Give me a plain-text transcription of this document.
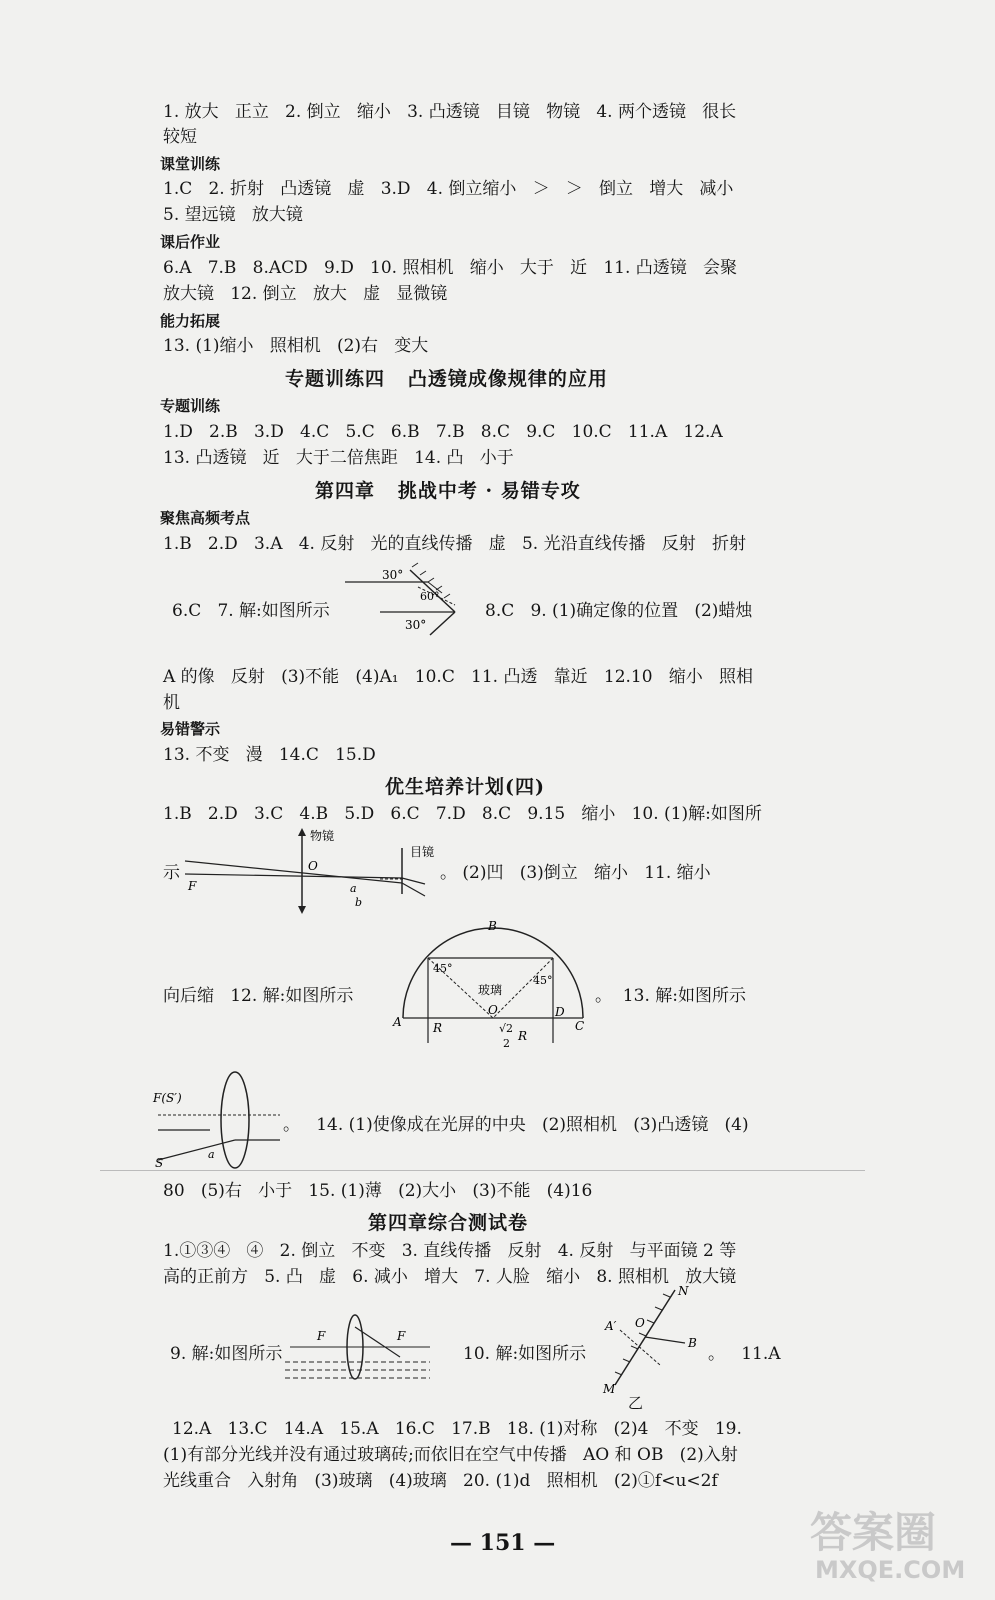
1. 放大   正立   2. 倒立   缩小   3. 凸透镜   目镜   物镜   4. 两个透镜   很长
较短
课堂训练
1.C   2. 折射   凸透镜   虚   3.D   4. 倒立缩小   ＞   ＞   倒立   增大   减小
5. 望远镜   放大镜
课后作业
6.A   7.B   8.ACD   9.D   10. 照相机   缩小   大于   近   11. 凸透镜   会聚
放大镜   12. 倒立   放大   虚   显微镜
能力拓展
13. (1)缩小   照相机   (2)右   变大
专题训练四   凸透镜成像规律的应用
专题训练
1.D   2.B   3.D   4.C   5.C   6.B   7.B   8.C   9.C   10.C   11.A   12.A
13. 凸透镜   近   大于二倍焦距   14. 凸   小于
第四章   挑战中考 · 易错专攻
聚焦高频考点
1.B   2.D   3.A   4. 反射   光的直线传播   虚   5. 光沿直线传播   反射   折射
6.C   7. 解:如图所示	8.C   9. (1)确定像的位置   (2)蜡烛
30°
60°
30°
A 的像   反射   (3)不能   (4)A₁   10.C   11. 凸透   靠近   12.10   缩小   照相
机
易错警示
13. 不变   漫   14.C   15.D
优生培养计划(四)
1.B   2.D   3.C   4.B   5.D   6.C   7.D   8.C   9.15   缩小   10. (1)解:如图所
示
物镜
目镜
O
F	a
b
。 (2)凹   (3)倒立   缩小   11. 缩小
向后缩   12. 解:如图所示
B
45°
45°
玻璃
A
O	D
C
R	√2
2
R
。  13. 解:如图所示
F(S′)
S
a
。   14. (1)使像成在光屏的中央   (2)照相机   (3)凸透镜   (4)
80   (5)右   小于   15. (1)薄   (2)大小   (3)不能   (4)16
第四章综合测试卷
1.①③④   ④   2. 倒立   不变   3. 直线传播   反射   4. 反射   与平面镜 2 等
高的正前方   5. 凸   虚   6. 减小   增大   7. 人脸   缩小   8. 照相机   放大镜
9. 解:如图所示
F	F
10. 解:如图所示
N
A′ O
B
M
乙
。   11.A
12.A   13.C   14.A   15.A   16.C   17.B   18. (1)对称   (2)4   不变   19.
(1)有部分光线并没有通过玻璃砖;而依旧在空气中传播   AO 和 OB   (2)入射
光线重合   入射角   (3)玻璃   (4)玻璃   20. (1)d   照相机   (2)①f<u<2f
— 151 —	答案圈
MXQE.COM
